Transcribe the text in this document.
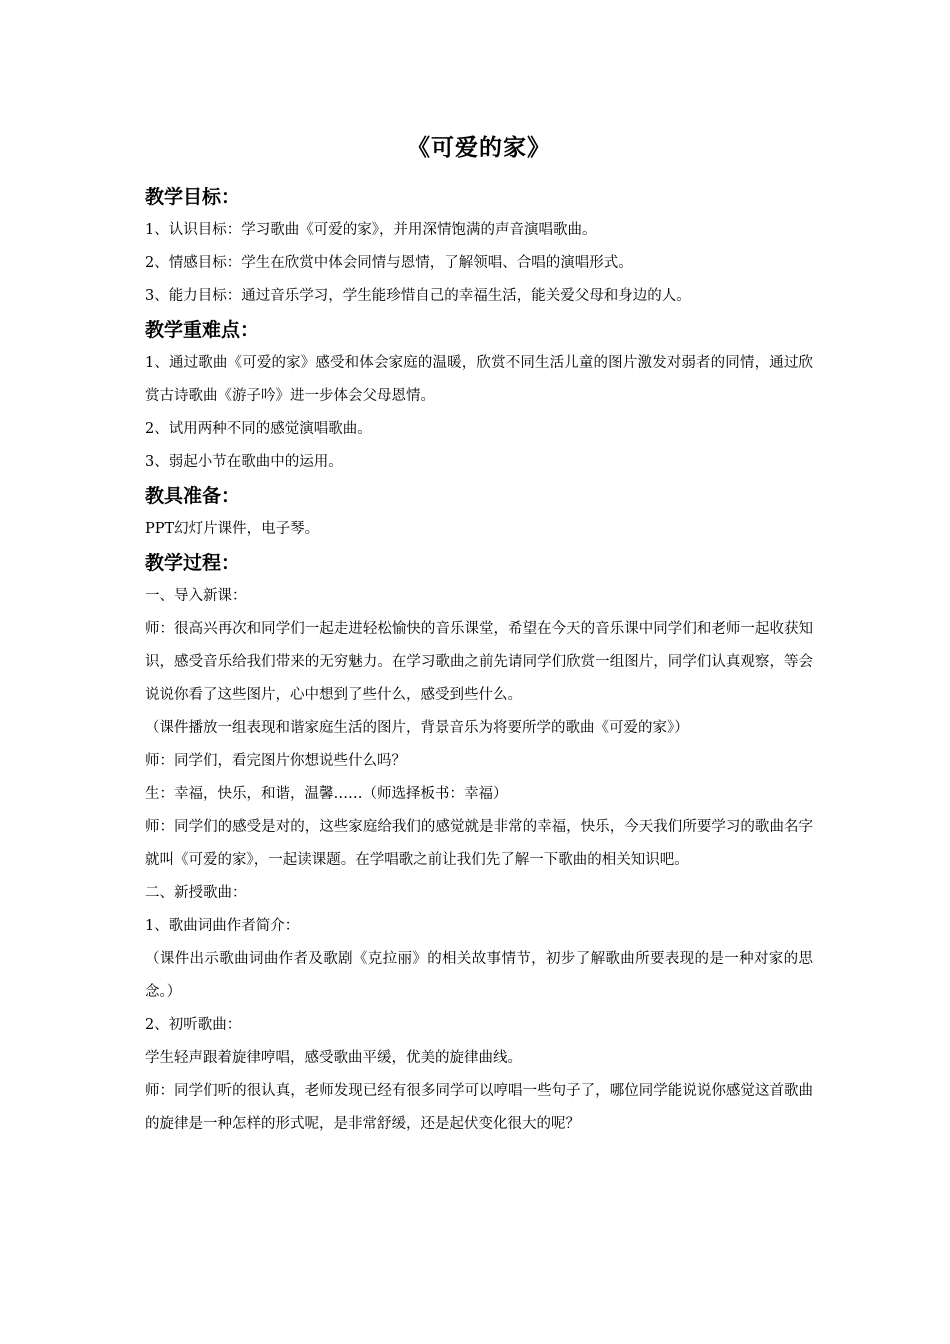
《可爱的家》
教学目标：

1、认识目标：学习歌曲《可爱的家》，并用深情饱满的声音演唱歌曲。

2、情感目标：学生在欣赏中体会同情与恩情，了解领唱、合唱的演唱形式。

3、能力目标：通过音乐学习，学生能珍惜自己的幸福生活，能关爱父母和身边的人。

教学重难点：

1、通过歌曲《可爱的家》感受和体会家庭的温暖，欣赏不同生活儿童的图片激发对弱者的同情，通过欣赏古诗歌曲《游子吟》进一步体会父母恩情。

2、试用两种不同的感觉演唱歌曲。

3、弱起小节在歌曲中的运用。

教具准备：

PPT幻灯片课件，电子琴。

教学过程：

一、导入新课：

师：很高兴再次和同学们一起走进轻松愉快的音乐课堂，希望在今天的音乐课中同学们和老师一起收获知识，感受音乐给我们带来的无穷魅力。在学习歌曲之前先请同学们欣赏一组图片，同学们认真观察，等会说说你看了这些图片，心中想到了些什么，感受到些什么。

（课件播放一组表现和谐家庭生活的图片，背景音乐为将要所学的歌曲《可爱的家》）

师：同学们，看完图片你想说些什么吗？

生：幸福，快乐，和谐，温馨……（师选择板书：幸福）

师：同学们的感受是对的，这些家庭给我们的感觉就是非常的幸福，快乐，今天我们所要学习的歌曲名字就叫《可爱的家》，一起读课题。在学唱歌之前让我们先了解一下歌曲的相关知识吧。

二、新授歌曲：

1、歌曲词曲作者简介：

（课件出示歌曲词曲作者及歌剧《克拉丽》的相关故事情节，初步了解歌曲所要表现的是一种对家的思念。）

2、初听歌曲：

学生轻声跟着旋律哼唱，感受歌曲平缓，优美的旋律曲线。

师：同学们听的很认真，老师发现已经有很多同学可以哼唱一些句子了，哪位同学能说说你感觉这首歌曲的旋律是一种怎样的形式呢，是非常舒缓，还是起伏变化很大的呢？
